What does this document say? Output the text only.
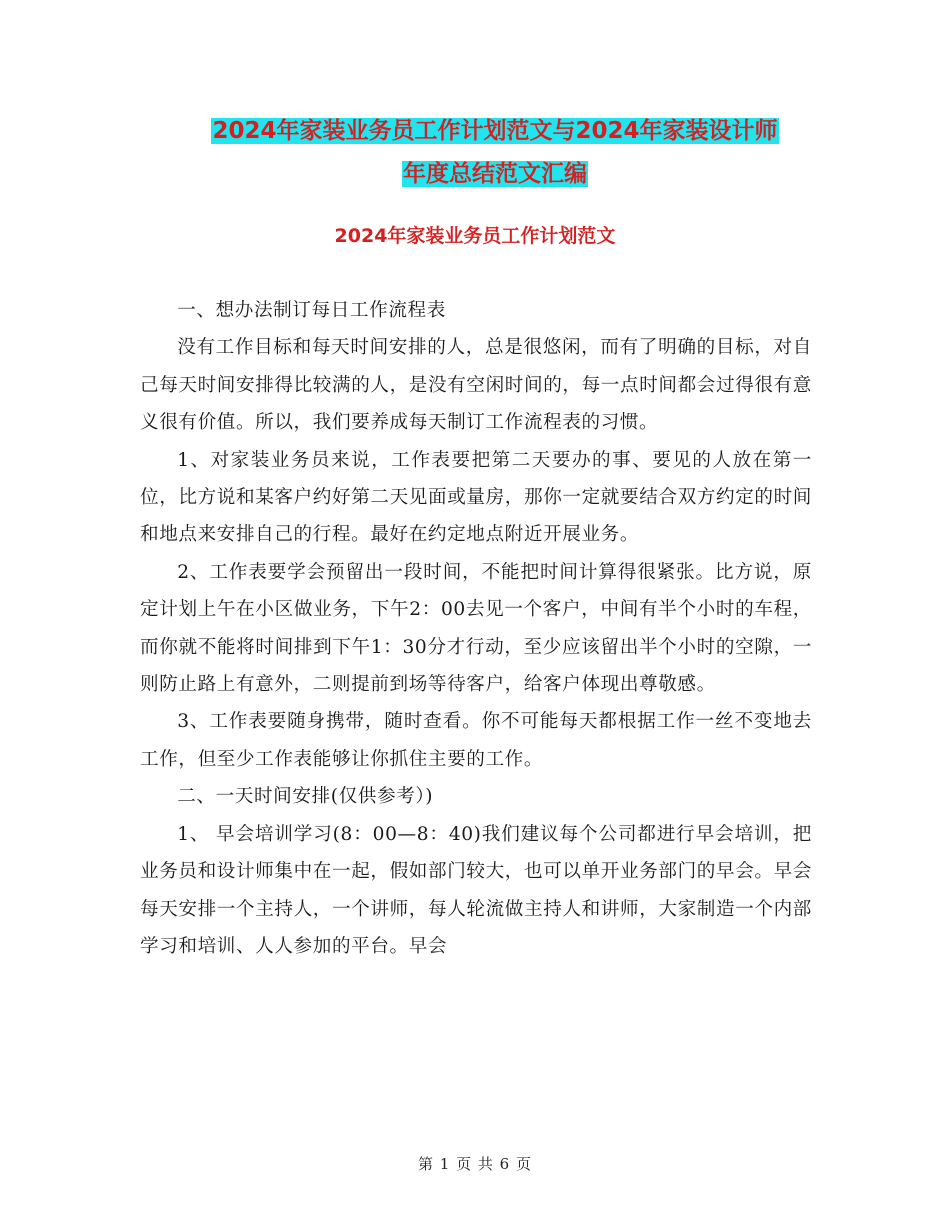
2024年家装业务员工作计划范文与2024年家装设计师
年度总结范文汇编
2024年家装业务员工作计划范文

一、想办法制订每日工作流程表

没有工作目标和每天时间安排的人，总是很悠闲，而有了明确的目标，对自己每天时间安排得比较满的人，是没有空闲时间的，每一点时间都会过得很有意义很有价值。所以，我们要养成每天制订工作流程表的习惯。

1、对家装业务员来说，工作表要把第二天要办的事、要见的人放在第一位，比方说和某客户约好第二天见面或量房，那你一定就要结合双方约定的时间和地点来安排自己的行程。最好在约定地点附近开展业务。

2、工作表要学会预留出一段时间，不能把时间计算得很紧张。比方说，原定计划上午在小区做业务，下午2：00去见一个客户，中间有半个小时的车程，而你就不能将时间排到下午1：30分才行动，至少应该留出半个小时的空隙，一则防止路上有意外，二则提前到场等待客户，给客户体现出尊敬感。

3、工作表要随身携带，随时查看。你不可能每天都根据工作一丝不变地去工作，但至少工作表能够让你抓住主要的工作。

二、一天时间安排(仅供参考）)

1、 早会培训学习(8：00—8：40)我们建议每个公司都进行早会培训，把业务员和设计师集中在一起，假如部门较大，也可以单开业务部门的早会。早会每天安排一个主持人，一个讲师，每人轮流做主持人和讲师，大家制造一个内部学习和培训、人人参加的平台。早会

第 1 页 共 6 页
